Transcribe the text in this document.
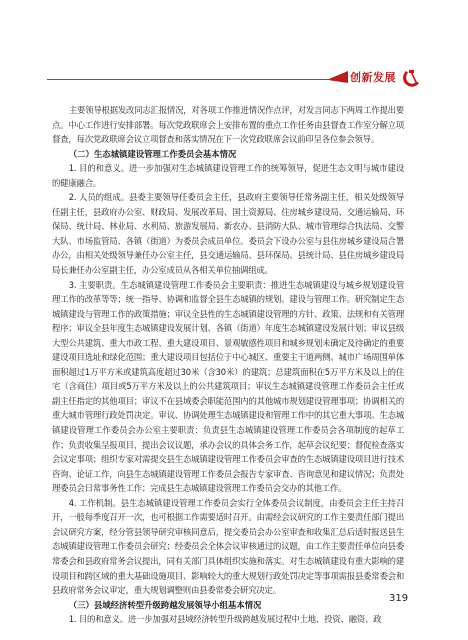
创新发展

主要领导根据发改同志汇报情况，对各项工作推进情况作点评，对发言同志下两周工作提出要点。中心工作进行安排部署。每次党政联席会上安排布置的重点工作任务由县督查工作室分解立项督查，每次党政联席会议立项督查和落实情况在下一次党政联席会议前印呈各位参会领导。

（二）生态城镇建设管理工作委员会基本情况

1. 目的和意义。进一步加强对生态城镇建设管理工作的统筹领导，促进生态文明与城市建设的健康融合。

2. 人员的组成。县委主要领导任委员会主任，县政府主要领导任常务副主任，相关处级领导任副主任，县政府办公室、财政局、发展改革局、国土资源局、住房城乡建设局、交通运输局、环保局、统计局、林业局、水利局、旅游发展局、新农办、县消防大队、城市管理综合执法局、交警大队、市场监管局、各镇（街道）为委员会成员单位。委员会下设办公室与县住房城乡建设局合署办公，由相关处级领导兼任办公室主任，县交通运输局、县环保局、县统计局、县住房城乡建设局局长兼任办公室副主任，办公室成员从各相关单位抽调组成。

3. 主要职责。生态城镇建设管理工作委员会主要职责：推进生态城镇建设与城乡规划建设管理工作的改革等等；统一指导、协调和监督全县生态城镇的规划、建设与管理工作。研究制定生态城镇建设与管理工作的政策措施；审议全县性的生态城镇建设管理的方针、政策、法规和有关管理程序；审议全县年度生态城镇建设发展计划、各镇（街道）年度生态城镇建设发展计划；审议县级大型公共建筑、重大市政工程、重大建设项目、景观敏感性项目和城乡规划未确定及待确定的重要建设项目选址和绿化范围；重大建设项目包括位于中心城区、重要主干道两侧、城市广场周围单体面积超过1万平方米或建筑高度超过30米（含30米）的建筑；总建筑面积在5万平方米及以上的住宅（含商住）项目或5万平方米及以上的公共建筑项目；审议生态城镇建设管理工作委员会主任或副主任指定的其他项目；审议不在县域委会职能范围内的其他城市规划建设管理事项；协调相关的重大城市管理行政处罚决定。审议、协调处理生态城镇建设和管理工作中的其它重大事项。生态城镇建设管理工作委员会办公室主要职责：负责县生态城镇建设管理工作委员会各项制度的起草工作；负责收集呈报项目，提出会议议题，承办会议的具体会务工作，起草会议纪要；督促检查落实会议定事项；组织专家对需提交县生态城镇建设管理工作委员会审查的生态城镇建设项目进行技术咨询、论证工作，向县生态城镇建设管理工作委员会报告专家审查、咨询意见和建议情况；负责处理委员会日常事务性工作；完成县生态城镇建设管理工作委员会交办的其他工作。

4. 工作机制。县生态城镇建设管理工作委员会实行全体委员会议制度，由委员会主任主持召开，一般每季度召开一次，也可根据工作需要适时召开。由需经会议研究的工作主要责任部门提出会议研究方案，经分管县领导研究审核同意后，提交委员会办公室审查和收集汇总后适时报送县生态城镇建设管理工作委员会研究；经委员会全体会议审核通过的议题，由工作主要责任单位向县委常委会和县政府常务会议提出，同有关部门具体组织实施和落实。对生态城镇建设有重大影响的建设项目和跨区域的重大基础设施项目、影响较大的重大规划行政处罚决定等事项需报县委常委会和县政府常务会议审定，重大规划调整则由县委常委会研究决定。

（三）县域经济转型升级跨越发展领导小组基本情况

1. 目的和意义。进一步加强对县域经济转型升级跨越发展过程中土地、投资、融资、政

319
